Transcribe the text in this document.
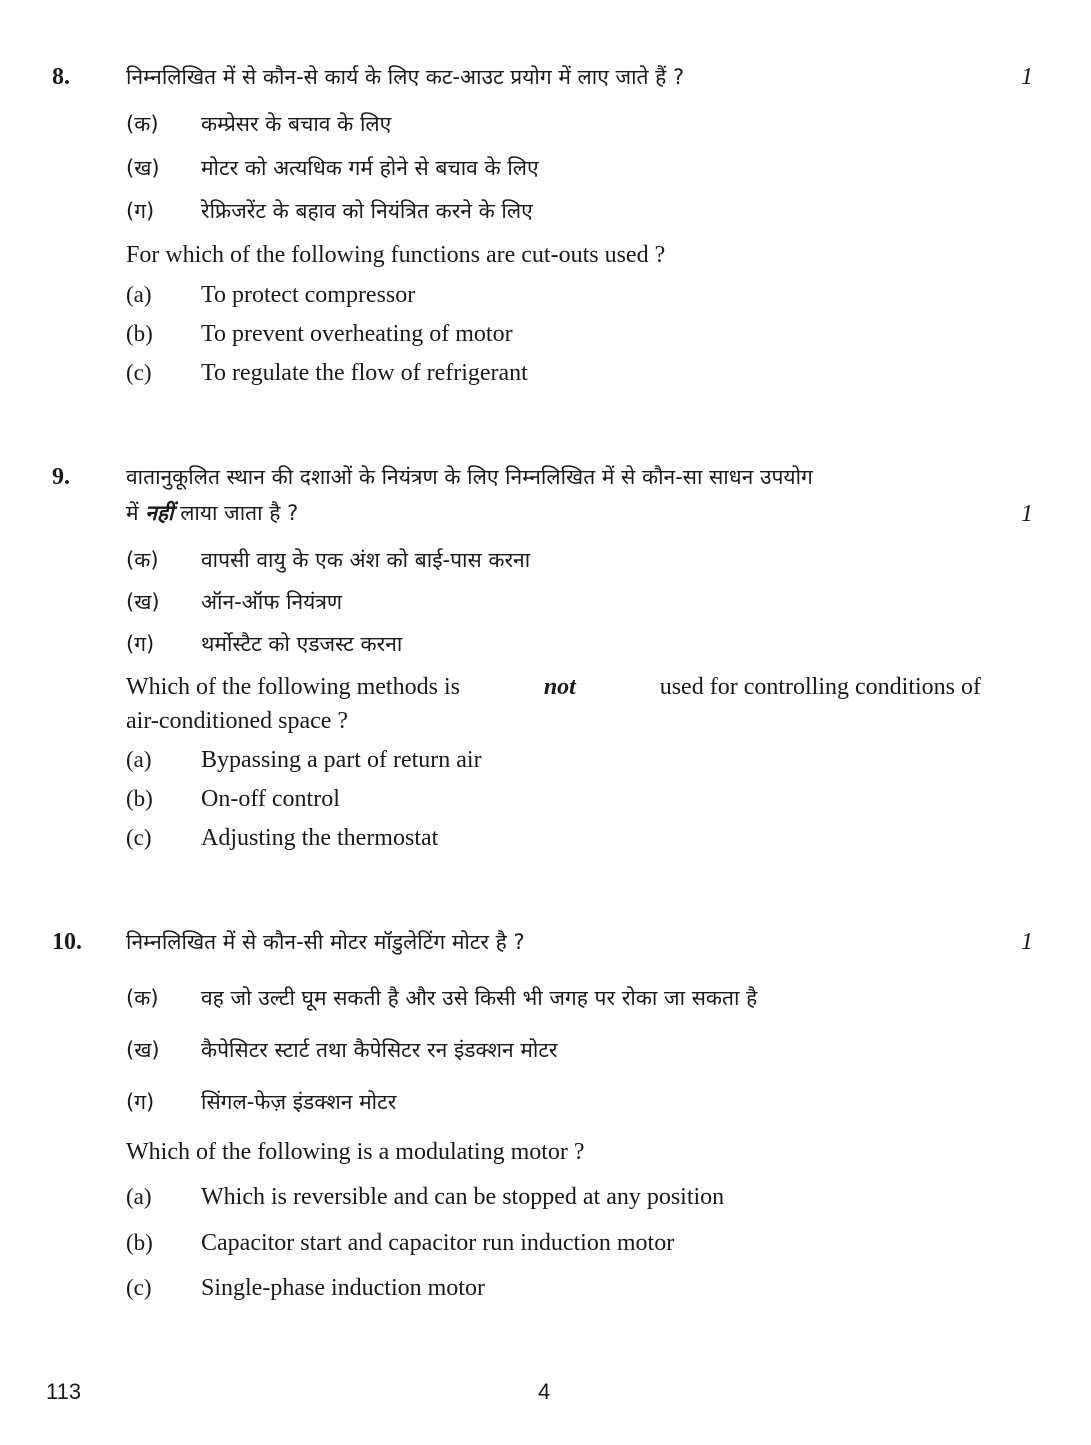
8.	निम्नलिखित में से कौन-से कार्य के लिए कट-आउट प्रयोग में लाए जाते हैं ?	1
(क) कम्प्रेसर के बचाव के लिए
(ख) मोटर को अत्यधिक गर्म होने से बचाव के लिए
(ग) रेफ्रिजरेंट के बहाव को नियंत्रित करने के लिए
For which of the following functions are cut-outs used ?
(a) To protect compressor
(b) To prevent overheating of motor
(c) To regulate the flow of refrigerant
9.	वातानुकूलित स्थान की दशाओं के नियंत्रण के लिए निम्नलिखित में से कौन-सा साधन उपयोग
में नहीं लाया जाता है ?	1
(क) वापसी वायु के एक अंश को बाई-पास करना
(ख) ऑन-ऑफ नियंत्रण
(ग) थर्मोस्टैट को एडजस्ट करना
Which of the following methods is	not	used for controlling conditions of
air-conditioned space ?
(a) Bypassing a part of return air
(b) On-off control
(c) Adjusting the thermostat
10. निम्नलिखित में से कौन-सी मोटर मॉडुलेटिंग मोटर है ?	1
(क) वह जो उल्टी घूम सकती है और उसे किसी भी जगह पर रोका जा सकता है
(ख) कैपेसिटर स्टार्ट तथा कैपेसिटर रन इंडक्शन मोटर
(ग) सिंगल-फेज़ इंडक्शन मोटर
Which of the following is a modulating motor ?
(a) Which is reversible and can be stopped at any position
(b) Capacitor start and capacitor run induction motor
(c) Single-phase induction motor
113	4
